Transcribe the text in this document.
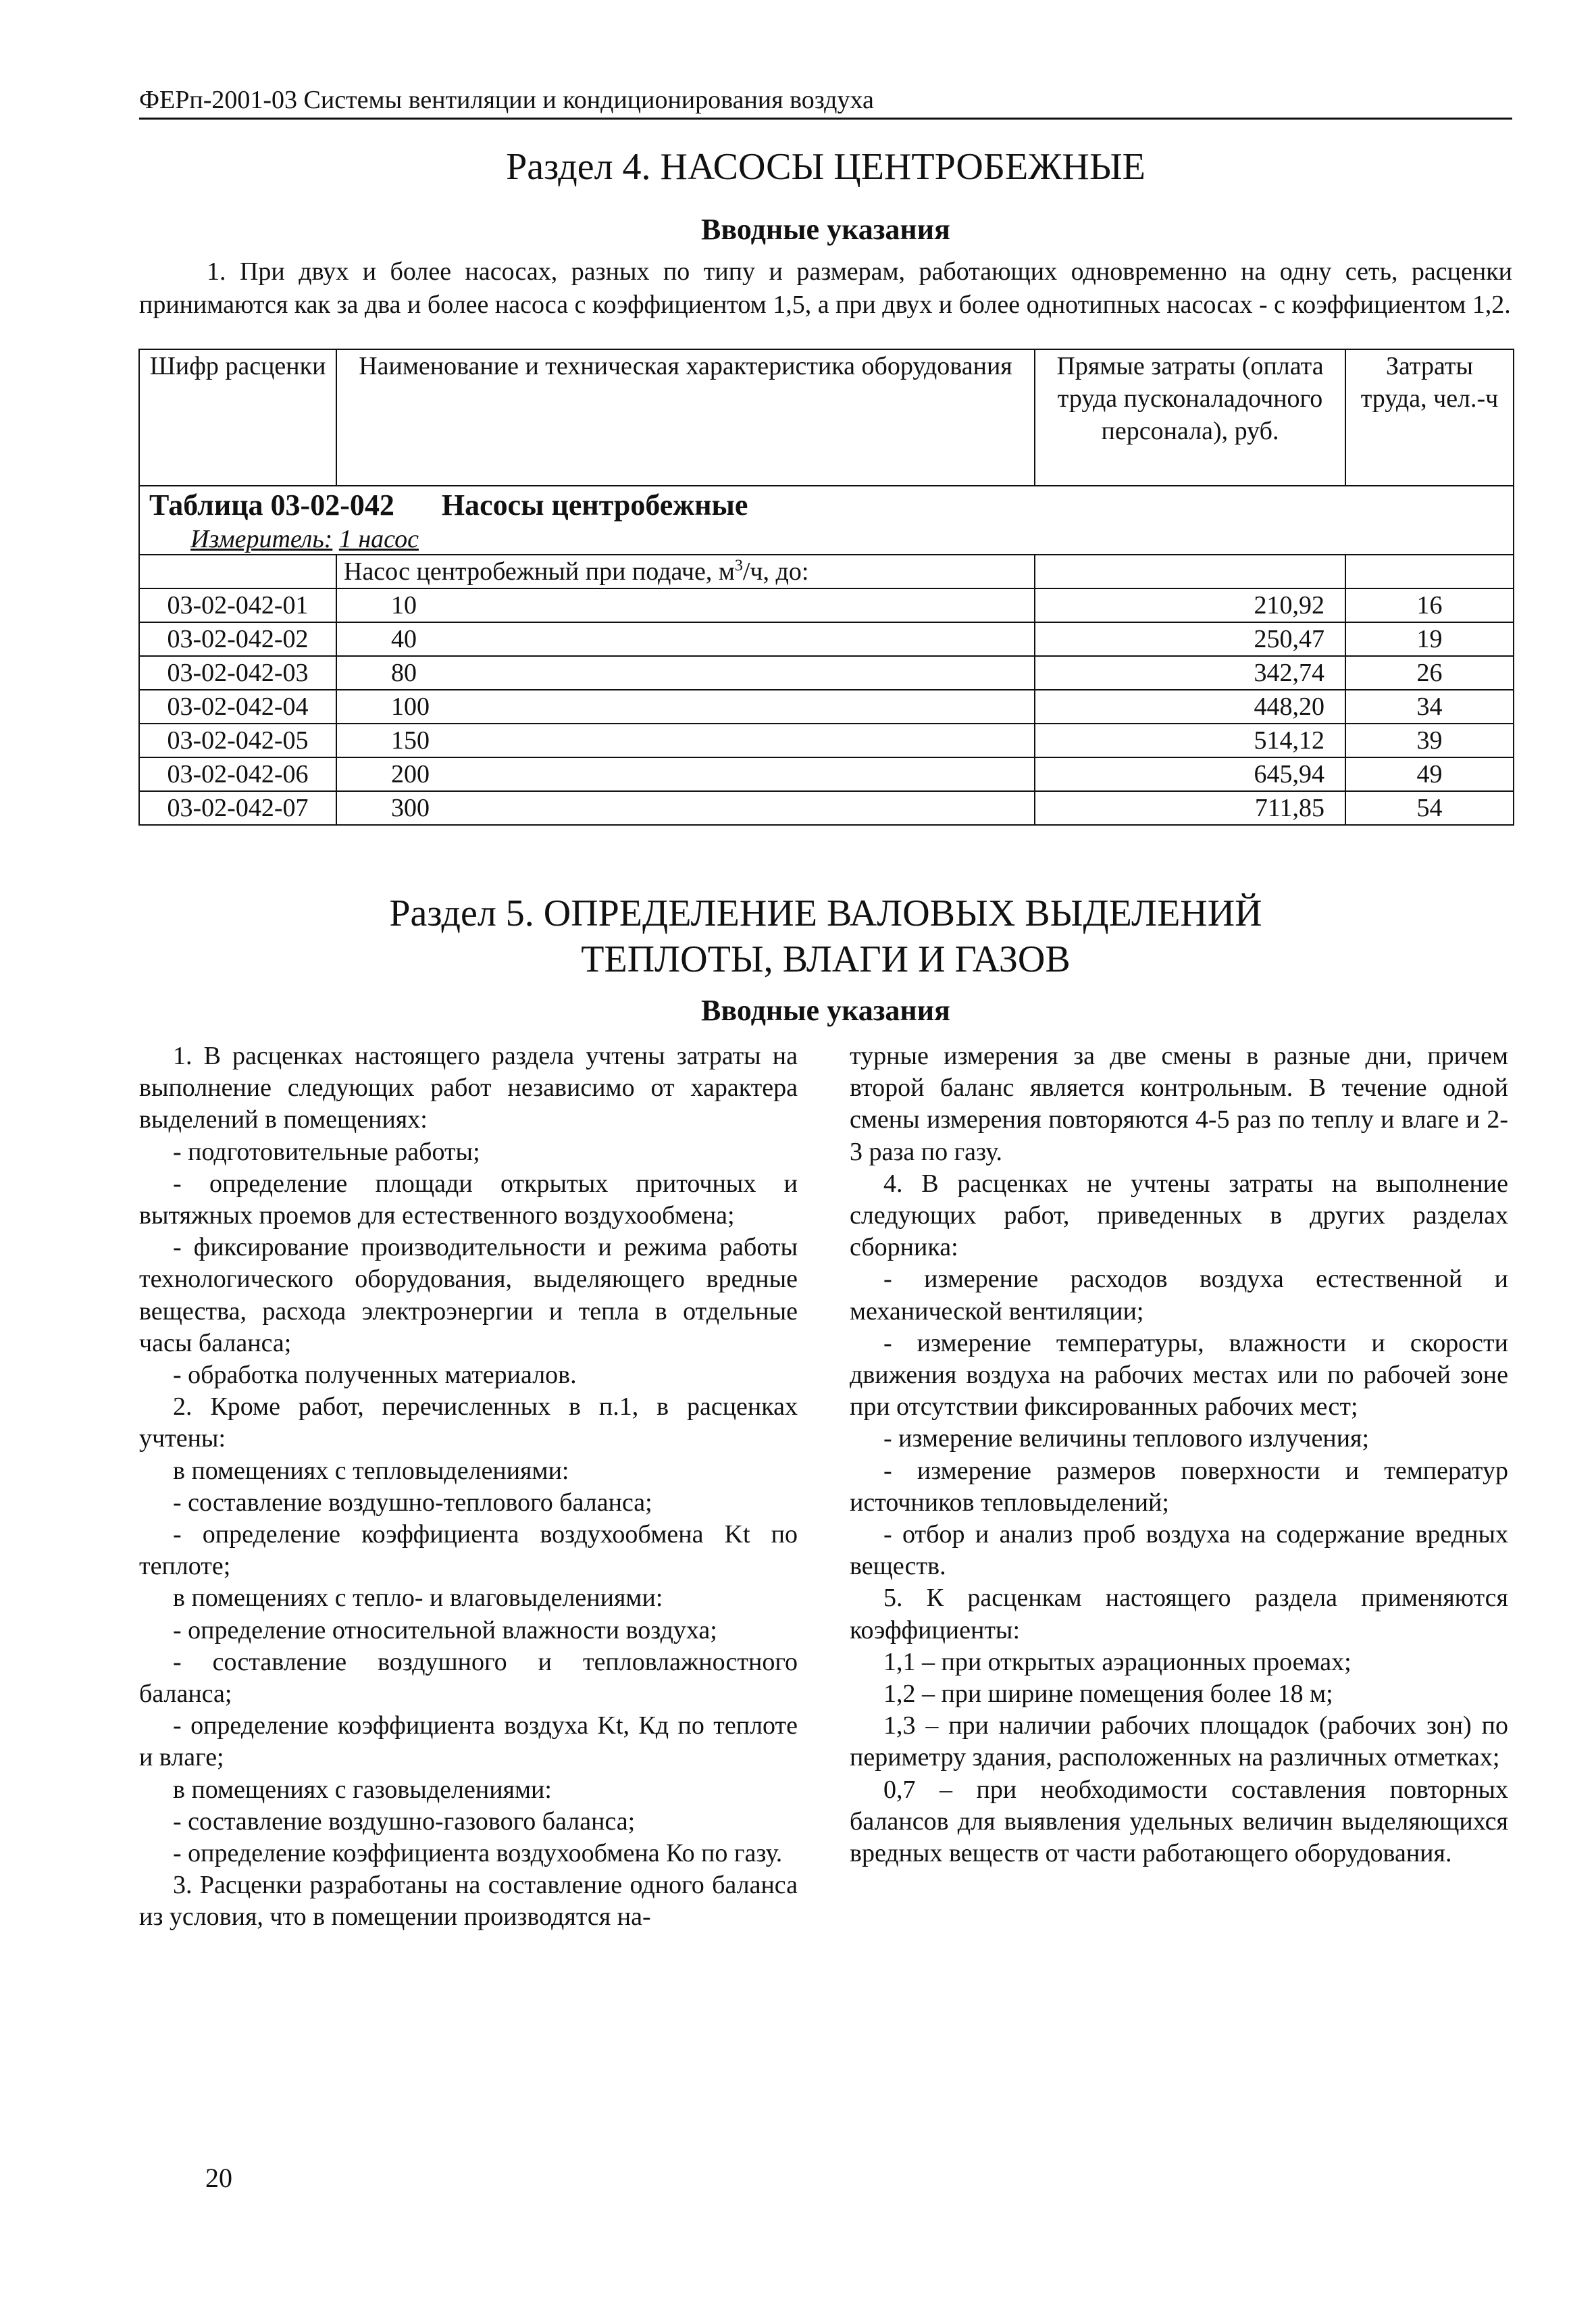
ФЕРп-2001-03 Системы вентиляции и кондиционирования воздуха
Раздел 4. НАСОСЫ ЦЕНТРОБЕЖНЫЕ
Вводные указания

1. При двух и более насосах, разных по типу и размерам, работающих одновременно на одну сеть, расценки принимаются как за два и более насоса с коэффициентом 1,5, а при двух и более однотипных насосах - с коэффициентом 1,2.

Шифр расценки	Наименование и техническая характеристика оборудования	Прямые затраты (оплата труда пусконаладочного персонала), руб.	Затраты труда, чел.-ч

Таблица 03-02-042 Насосы центробежные
Измеритель: 1 насос			

	Насос центробежный при подаче, $м^3/ч$, до:		
03-02-042-01	10	210,92	16
03-02-042-02	40	250,47	19
03-02-042-03	80	342,74	26
03-02-042-04	100	448,20	34
03-02-042-05	150	514,12	39
03-02-042-06	200	645,94	49
03-02-042-07	300	711,85	54
Раздел 5. ОПРЕДЕЛЕНИЕ ВАЛОВЫХ ВЫДЕЛЕНИЙ
ТЕПЛОТЫ, ВЛАГИ И ГАЗОВ
Вводные указания

1. В расценках настоящего раздела учтены затраты на выполнение следующих работ независимо от характера выделений в помещениях:

- подготовительные работы;

- определение площади открытых приточных и вытяжных проемов для естественного воздухообмена;

- фиксирование производительности и режима работы технологического оборудования, выделяющего вредные вещества, расхода электроэнергии и тепла в отдельные часы баланса;

- обработка полученных материалов.

2. Кроме работ, перечисленных в п.1, в расценках учтены:

в помещениях с тепловыделениями:

- составление воздушно-теплового баланса;

- определение коэффициента воздухообмена Kt по теплоте;

в помещениях с тепло- и влаговыделениями:

- определение относительной влажности воздуха;

- составление воздушного и тепловлажностного баланса;

- определение коэффициента воздуха Kt, Кд по теплоте и влаге;

в помещениях с газовыделениями:

- составление воздушно-газового баланса;

- определение коэффициента воздухообмена Ко по газу.

3. Расценки разработаны на составление одного баланса из условия, что в помещении производятся на-

турные измерения за две смены в разные дни, причем второй баланс является контрольным. В течение одной смены измерения повторяются 4-5 раз по теплу и влаге и 2-3 раза по газу.

4. В расценках не учтены затраты на выполнение следующих работ, приведенных в других разделах сборника:

- измерение расходов воздуха естественной и механической вентиляции;

- измерение температуры, влажности и скорости движения воздуха на рабочих местах или по рабочей зоне при отсутствии фиксированных рабочих мест;

- измерение величины теплового излучения;

- измерение размеров поверхности и температур источников тепловыделений;

- отбор и анализ проб воздуха на содержание вредных веществ.

5. К расценкам настоящего раздела применяются коэффициенты:

1,1 – при открытых аэрационных проемах;

1,2 – при ширине помещения более 18 м;

1,3 – при наличии рабочих площадок (рабочих зон) по периметру здания, расположенных на различных отметках;

0,7 – при необходимости составления повторных балансов для выявления удельных величин выделяющихся вредных веществ от части работающего оборудования.

20
